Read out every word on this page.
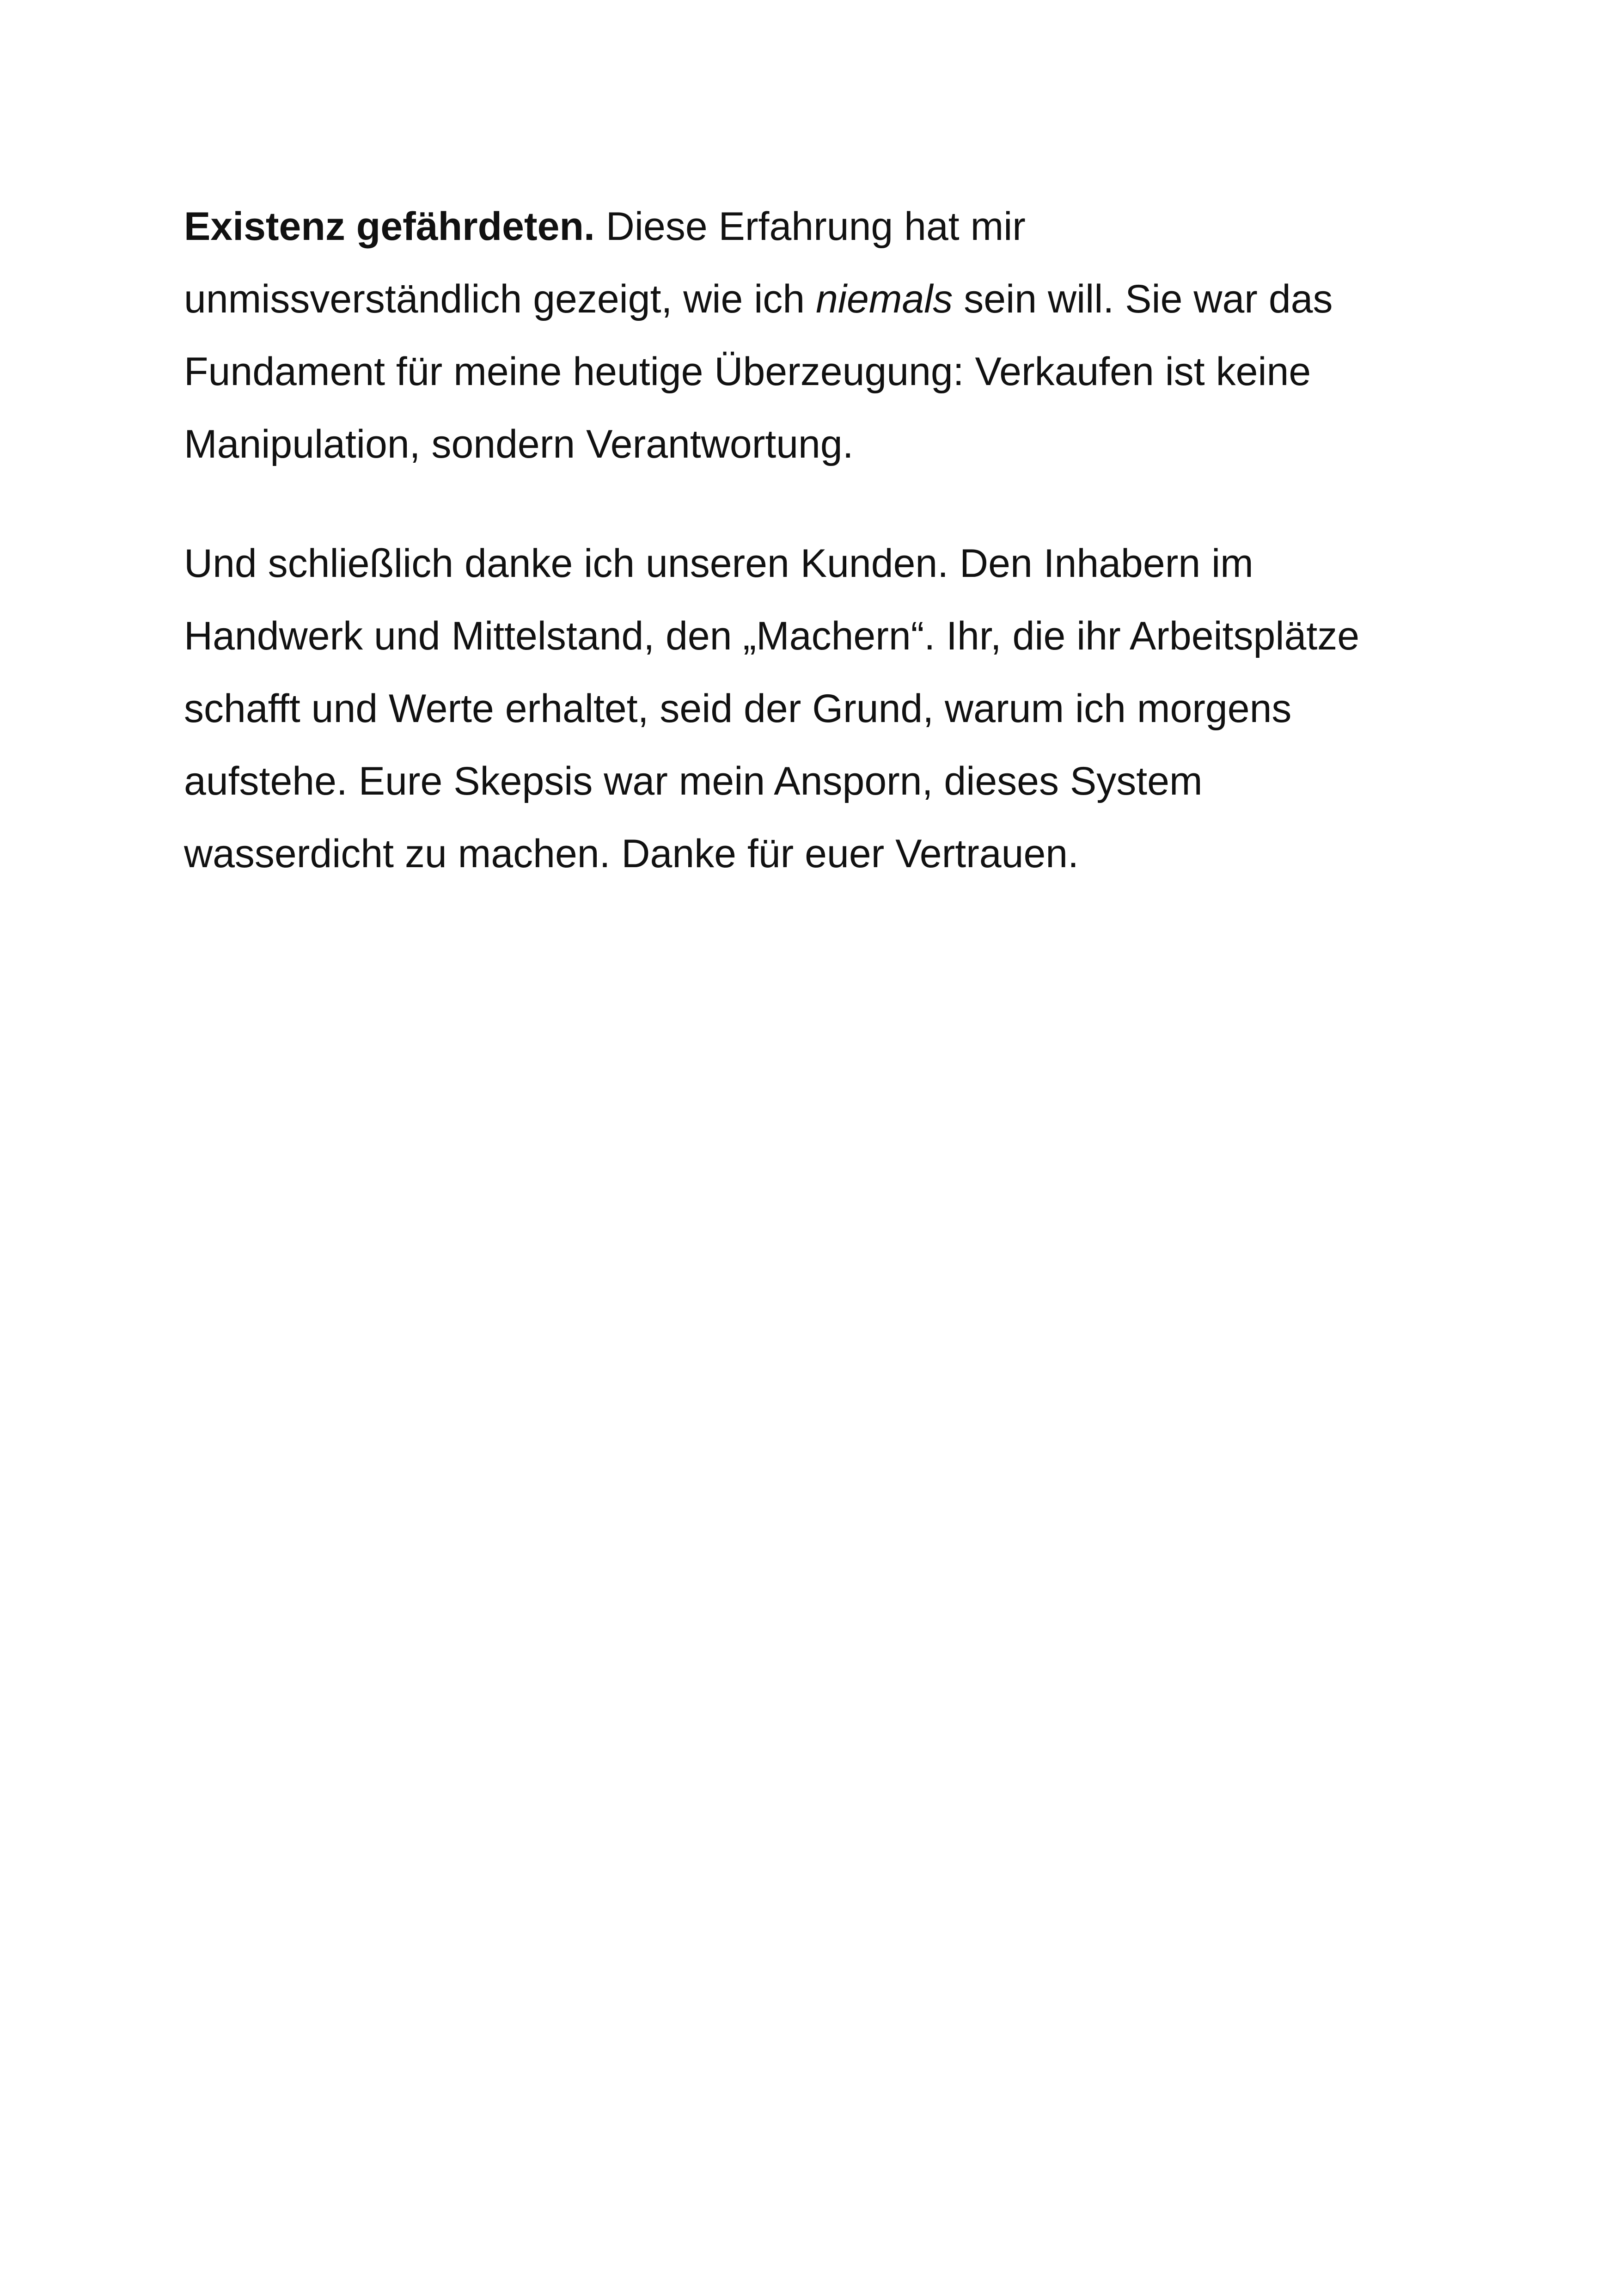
Existenz gefährdeten. Diese Erfahrung hat mir
unmissverständlich gezeigt, wie ich niemals sein will. Sie war das
Fundament für meine heutige Überzeugung: Verkaufen ist keine
Manipulation, sondern Verantwortung.

Und schließlich danke ich unseren Kunden. Den Inhabern im
Handwerk und Mittelstand, den „Machern“. Ihr, die ihr Arbeitsplätze
schafft und Werte erhaltet, seid der Grund, warum ich morgens
aufstehe. Eure Skepsis war mein Ansporn, dieses System
wasserdicht zu machen. Danke für euer Vertrauen.
